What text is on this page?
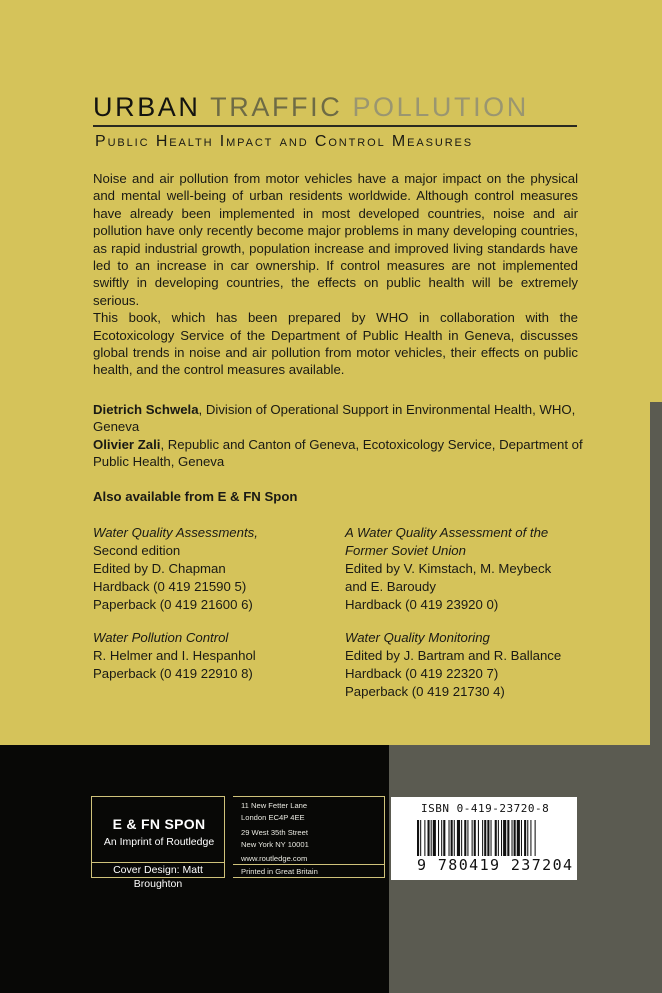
URBAN TRAFFIC POLLUTION
Public Health Impact and Control Measures

Noise and air pollution from motor vehicles have a major impact on the physical and mental well-being of urban residents worldwide. Although control measures have already been implemented in most developed countries, noise and air pollution have only recently become major problems in many developing countries, as rapid industrial growth, population increase and improved living standards have led to an increase in car ownership. If control measures are not implemented swiftly in developing countries, the effects on public health will be extremely serious.

This book, which has been prepared by WHO in collaboration with the Ecotoxicology Service of the Department of Public Health in Geneva, discusses global trends in noise and air pollution from motor vehicles, their effects on public health, and the control measures available.

Dietrich Schwela, Division of Operational Support in Environmental Health, WHO, Geneva

Olivier Zali, Republic and Canton of Geneva, Ecotoxicology Service, Department of Public Health, Geneva

Also available from E & FN Spon
Water Quality Assessments,
Second edition
Edited by D. Chapman
Hardback (0 419 21590 5)
Paperback (0 419 21600 6)
Water Pollution Control
R. Helmer and I. Hespanhol
Paperback (0 419 22910 8)
A Water Quality Assessment of the
Former Soviet Union
Edited by V. Kimstach, M. Meybeck
and E. Baroudy
Hardback (0 419 23920 0)
Water Quality Monitoring
Edited by J. Bartram and R. Ballance
Hardback (0 419 22320 7)
Paperback (0 419 21730 4)
E & FN SPON
An Imprint of Routledge
Cover Design: Matt Broughton
11 New Fetter Lane
London EC4P 4EE
29 West 35th Street
New York NY 10001
www.routledge.com
Printed in Great Britain
ISBN 0-419-23720-8
9 780419 237204
